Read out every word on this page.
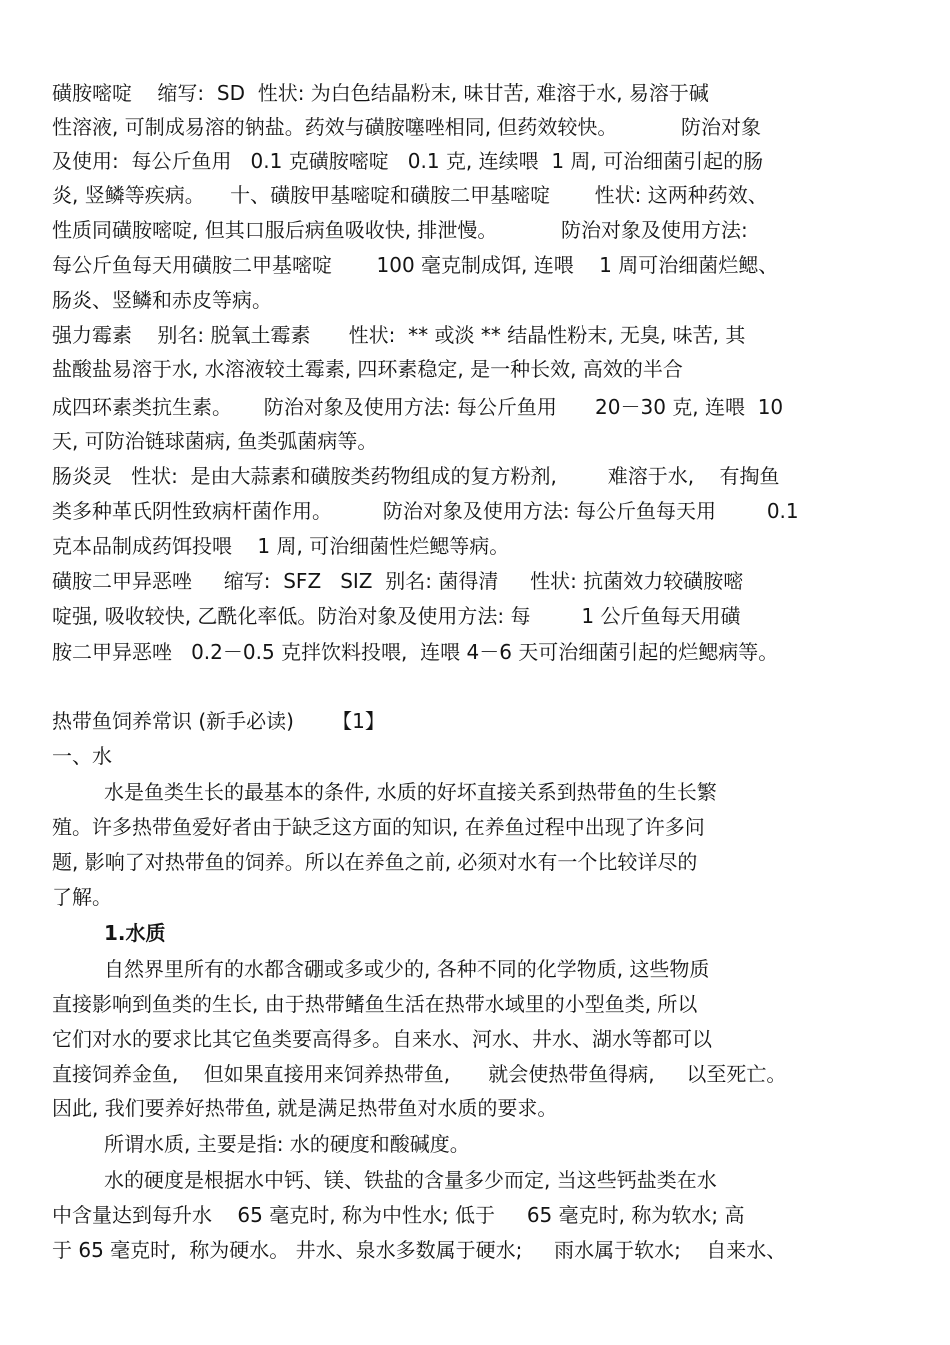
磺胺嘧啶    缩写:  SD  性状: 为白色结晶粉末, 味甘苦, 难溶于水, 易溶于碱
性溶液, 可制成易溶的钠盐。药效与磺胺噻唑相同, 但药效较快。          防治对象
及使用:  每公斤鱼用   0.1 克磺胺嘧啶   0.1 克, 连续喂  1 周, 可治细菌引起的肠
炎, 竖鳞等疾病。    十、磺胺甲基嘧啶和磺胺二甲基嘧啶       性状: 这两种药效、
性质同磺胺嘧啶, 但其口服后病鱼吸收快, 排泄慢。          防治对象及使用方法:
每公斤鱼每天用磺胺二甲基嘧啶       100 毫克制成饵, 连喂    1 周可治细菌烂鳃、
肠炎、竖鳞和赤皮等病。
强力霉素    别名: 脱氧土霉素      性状:  ** 或淡 ** 结晶性粉末, 无臭, 味苦, 其
盐酸盐易溶于水, 水溶液较土霉素, 四环素稳定, 是一种长效, 高效的半合
成四环素类抗生素。     防治对象及使用方法: 每公斤鱼用      20－30 克, 连喂  10
天, 可防治链球菌病, 鱼类弧菌病等。
肠炎灵   性状:  是由大蒜素和磺胺类药物组成的复方粉剂,        难溶于水,    有掏鱼
类多种革氏阴性致病杆菌作用。        防治对象及使用方法: 每公斤鱼每天用        0.1
克本品制成药饵投喂    1 周, 可治细菌性烂鳃等病。
磺胺二甲异恶唑     缩写:  SFZ   SIZ  别名: 菌得清     性状: 抗菌效力较磺胺嘧
啶强, 吸收较快, 乙酰化率低。防治对象及使用方法: 每        1 公斤鱼每天用磺
胺二甲异恶唑   0.2－0.5 克拌饮料投喂,  连喂 4－6 天可治细菌引起的烂鳃病等。
热带鱼饲养常识 (新手必读)      【1】
一、水
水是鱼类生长的最基本的条件, 水质的好坏直接关系到热带鱼的生长繁
殖。许多热带鱼爱好者由于缺乏这方面的知识, 在养鱼过程中出现了许多问
题, 影响了对热带鱼的饲养。所以在养鱼之前, 必须对水有一个比较详尽的
了解。
1.水质
自然界里所有的水都含硼或多或少的, 各种不同的化学物质, 这些物质
直接影响到鱼类的生长, 由于热带鳍鱼生活在热带水域里的小型鱼类, 所以
它们对水的要求比其它鱼类要高得多。自来水、河水、井水、湖水等都可以
直接饲养金鱼,    但如果直接用来饲养热带鱼,      就会使热带鱼得病,     以至死亡。
因此, 我们要养好热带鱼, 就是满足热带鱼对水质的要求。
所谓水质, 主要是指: 水的硬度和酸碱度。
水的硬度是根据水中钙、镁、铁盐的含量多少而定, 当这些钙盐类在水
中含量达到每升水    65 毫克时, 称为中性水; 低于     65 毫克时, 称为软水; 高
于 65 毫克时,  称为硬水。 井水、泉水多数属于硬水;     雨水属于软水;    自来水、
